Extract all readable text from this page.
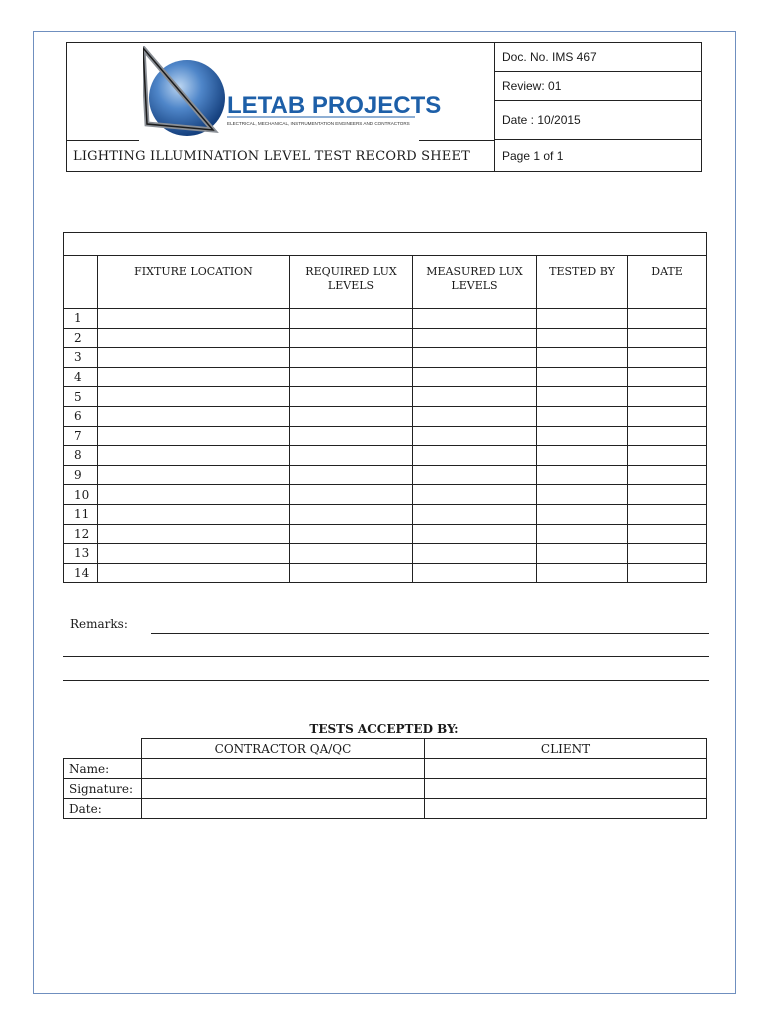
LETAB PROJECTS
ELECTRICAL, MECHANICAL, INSTRUMENTATION ENGINEERS AND CONTRACTORS
LIGHTING ILLUMINATION LEVEL TEST RECORD SHEET
Doc. No. IMS 467
Review: 01
Date : 10/2015
Page 1 of 1

	FIXTURE LOCATION	REQUIRED LUX LEVELS	MEASURED LUX LEVELS	TESTED BY	DATE
1					
2					
3					
4					
5					
6					
7					
8					
9					
10					
11					
12					
13					
14					
Remarks:
TESTS ACCEPTED BY:
	CONTRACTOR QA/QC	CLIENT
Name:		
Signature:		
Date:		
